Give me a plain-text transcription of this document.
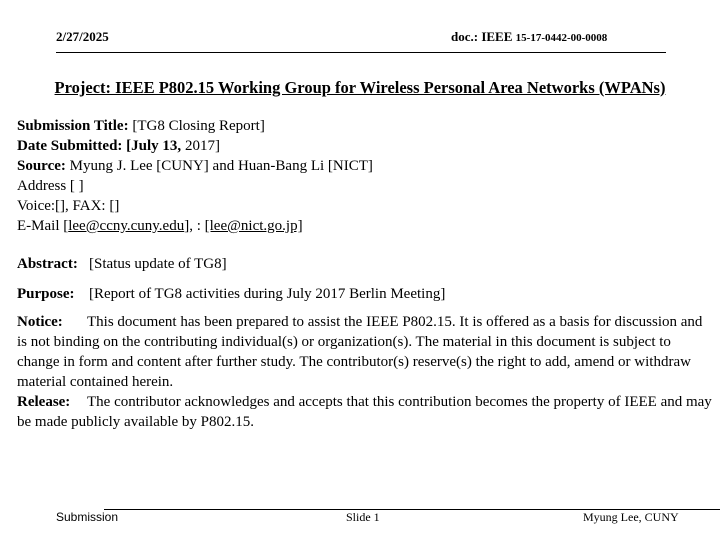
2/27/2025	doc.: IEEE 15-17-0442-00-0008
Project: IEEE P802.15 Working Group for Wireless Personal Area Networks (WPANs)
Submission Title: [TG8 Closing Report]
Date Submitted: [July 13, 2017]
Source: Myung J. Lee [CUNY] and Huan-Bang Li [NICT]
Address [ ]
Voice:[], FAX: []
E-Mail [lee@ccny.cuny.edu], : [lee@nict.go.jp]
Abstract: [Status update of TG8]
Purpose: [Report of TG8 activities during July 2017 Berlin Meeting]
Notice: This document has been prepared to assist the IEEE P802.15. It is offered as a basis for discussion and is not binding on the contributing individual(s) or organization(s). The material in this document is subject to change in form and content after further study. The contributor(s) reserve(s) the right to add, amend or withdraw material contained herein.
Release: The contributor acknowledges and accepts that this contribution becomes the property of IEEE and may be made publicly available by P802.15.
Submission	Slide 1	Myung Lee, CUNY
